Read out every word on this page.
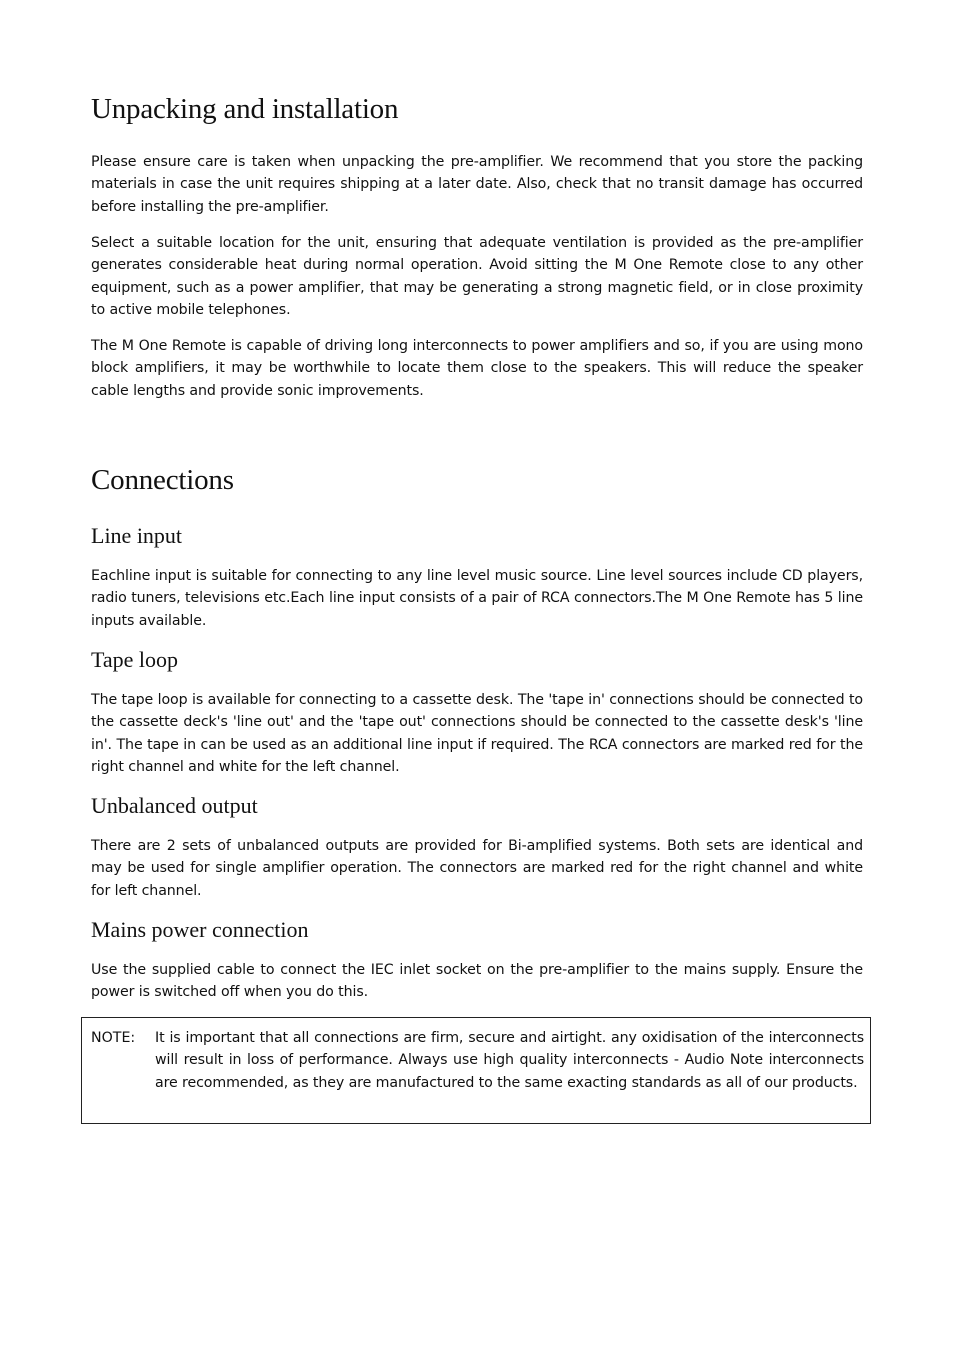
Unpacking and installation

Please ensure care is taken when unpacking the pre-amplifier. We recommend that you store the packing materials in case the unit requires shipping at a later date. Also, check that no transit damage has occurred before installing the pre-amplifier.

Select a suitable location for the unit, ensuring that adequate ventilation is provided as the pre-amplifier generates considerable heat during normal operation. Avoid sitting the M One Remote close to any other equipment, such as a power amplifier, that may be generating a strong magnetic field, or in close proximity to active mobile telephones.

The M One Remote is capable of driving long interconnects to power amplifiers and so, if you are using mono block amplifiers, it may be worthwhile to locate them close to the speakers. This will reduce the speaker cable lengths and provide sonic improvements.

Connections
Line input

Eachline input is suitable for connecting to any line level music source. Line level sources include CD players, radio tuners, televisions etc.Each line input consists of a pair of RCA connectors.The M One Remote has 5 line inputs available.

Tape loop

The tape loop is available for connecting to a cassette desk. The 'tape in' connections should be connected to the cassette deck's 'line out' and the 'tape out' connections should be connected to the cassette desk's 'line in'. The tape in can be used as an additional line input if required. The RCA connectors are marked red for the right channel and white for the left channel.

Unbalanced output

There are 2 sets of unbalanced outputs are provided for Bi-amplified systems. Both sets are identical and may be used for single amplifier operation. The connectors are marked red for the right channel and white for left channel.

Mains power connection

Use the supplied cable to connect the IEC inlet socket on the pre-amplifier to the mains supply. Ensure the power is switched off when you do this.

NOTE: It is important that all connections are firm, secure and airtight. any oxidisation of the interconnects will result in loss of performance. Always use high quality interconnects - Audio Note interconnects are recommended, as they are manufactured to the same exacting standards as all of our products.
